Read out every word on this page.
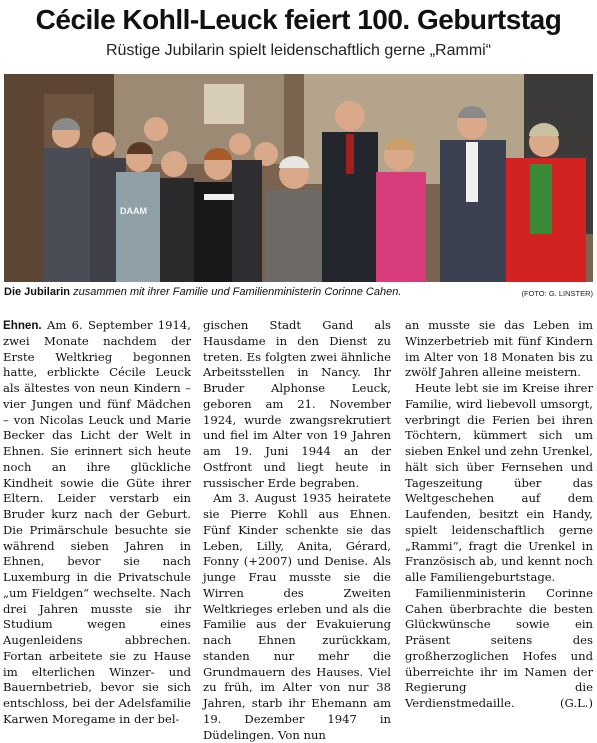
Cécile Kohll-Leuck feiert 100. Geburtstag
Rüstige Jubilarin spielt leidenschaftlich gerne „Rammi“
DAAM
Die Jubilarin zusammen mit ihrer Familie und Familienministerin Corinne Cahen.	(FOTO: G. LINSTER)

Ehnen. Am 6. September 1914, zwei Monate nachdem der Erste Weltkrieg begonnen hatte, erblickte Cécile Leuck als ältestes von neun Kindern – vier Jungen und fünf Mädchen – von Nicolas Leuck und Marie Becker das Licht der Welt in Ehnen. Sie erinnert sich heute noch an ihre glückliche Kindheit sowie die Güte ihrer Eltern. Leider verstarb ein Bruder kurz nach der Geburt. Die Primärschule besuchte sie während sieben Jahren in Ehnen, bevor sie nach Luxemburg in die Privatschule „um Fieldgen“ wechselte. Nach drei Jahren musste sie ihr Studium wegen eines Augenleidens abbrechen. Fortan arbeitete sie zu Hause im elterlichen Winzer- und Bauernbetrieb, bevor sie sich entschloss, bei der Adelsfamilie Karwen Moregame in der bel-

gischen Stadt Gand als Hausdame in den Dienst zu treten. Es folgten zwei ähnliche Arbeitsstellen in Nancy. Ihr Bruder Alphonse Leuck, geboren am 21. November 1924, wurde zwangsrekrutiert und fiel im Alter von 19 Jahren am 19. Juni 1944 an der Ostfront und liegt heute in russischer Erde begraben.

Am 3. August 1935 heiratete sie Pierre Kohll aus Ehnen. Fünf Kinder schenkte sie das Leben, Lilly, Anita, Gérard, Fonny (+2007) und Denise. Als junge Frau musste sie die Wirren des Zweiten Weltkrieges erleben und als die Familie aus der Evakuierung nach Ehnen zurückkam, standen nur mehr die Grundmauern des Hauses. Viel zu früh, im Alter von nur 38 Jahren, starb ihr Ehemann am 19. Dezember 1947 in Düdelingen. Von nun

an musste sie das Leben im Winzerbetrieb mit fünf Kindern im Alter von 18 Monaten bis zu zwölf Jahren alleine meistern.

Heute lebt sie im Kreise ihrer Familie, wird liebevoll umsorgt, verbringt die Ferien bei ihren Töchtern, kümmert sich um sieben Enkel und zehn Urenkel, hält sich über Fernsehen und Tageszeitung über das Weltgeschehen auf dem Laufenden, besitzt ein Handy, spielt leidenschaftlich gerne „Rammi“, fragt die Urenkel in Französisch ab, und kennt noch alle Familiengeburtstage.

Familienministerin Corinne Cahen überbrachte die besten Glückwünsche sowie ein Präsent seitens des großherzoglichen Hofes und überreichte ihr im Namen der Regierung die Verdienstmedaille.	(G.L.)
